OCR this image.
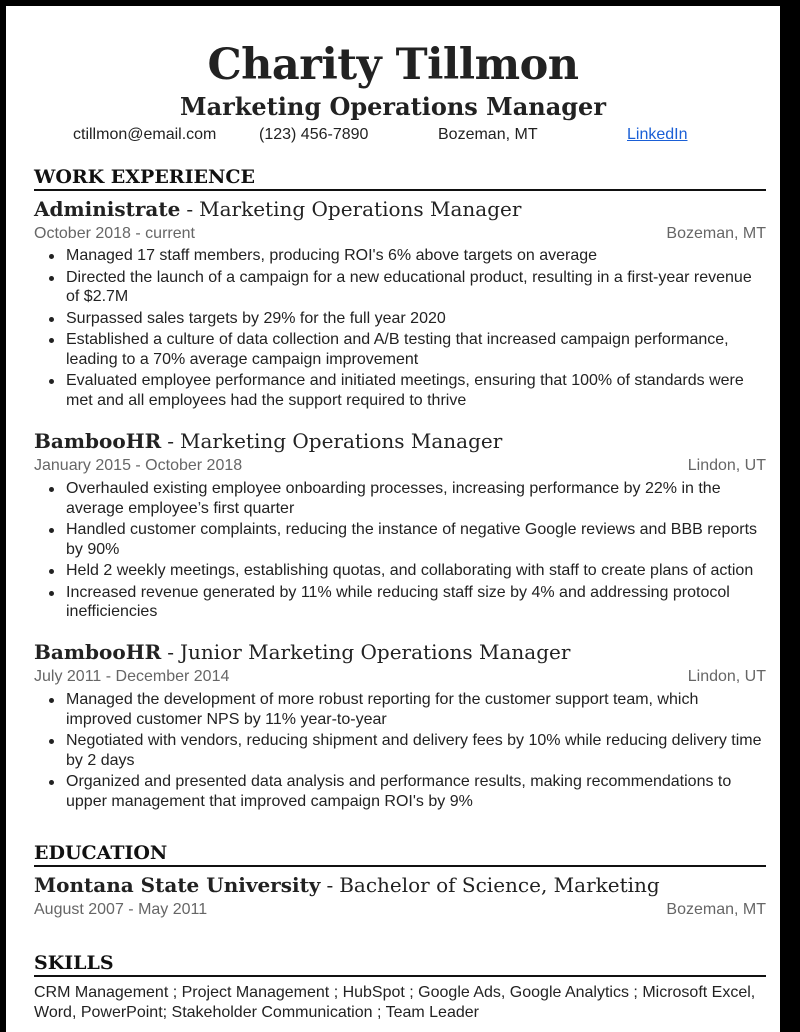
Charity Tillmon
Marketing Operations Manager
ctillmon@email.com	(123) 456-7890	Bozeman, MT	LinkedIn
WORK EXPERIENCE
Administrate - Marketing Operations Manager
October 2018 - current	Bozeman, MT
Managed 17 staff members, producing ROI's 6% above targets on average
Directed the launch of a campaign for a new educational product, resulting in a first-year revenue of $2.7M
Surpassed sales targets by 29% for the full year 2020
Established a culture of data collection and A/B testing that increased campaign performance, leading to a 70% average campaign improvement
Evaluated employee performance and initiated meetings, ensuring that 100% of standards were met and all employees had the support required to thrive
BambooHR - Marketing Operations Manager
January 2015 - October 2018	Lindon, UT
Overhauled existing employee onboarding processes, increasing performance by 22% in the average employee’s first quarter
Handled customer complaints, reducing the instance of negative Google reviews and BBB reports by 90%
Held 2 weekly meetings, establishing quotas, and collaborating with staff to create plans of action
Increased revenue generated by 11% while reducing staff size by 4% and addressing protocol inefficiencies
BambooHR - Junior Marketing Operations Manager
July 2011 - December 2014	Lindon, UT
Managed the development of more robust reporting for the customer support team, which improved customer NPS by 11% year-to-year
Negotiated with vendors, reducing shipment and delivery fees by 10% while reducing delivery time by 2 days
Organized and presented data analysis and performance results, making recommendations to upper management that improved campaign ROI's by 9%
EDUCATION
Montana State University - Bachelor of Science, Marketing
August 2007 - May 2011	Bozeman, MT
SKILLS
CRM Management ; Project Management ; HubSpot ; Google Ads, Google Analytics ; Microsoft Excel, Word, PowerPoint; Stakeholder Communication ; Team Leader
